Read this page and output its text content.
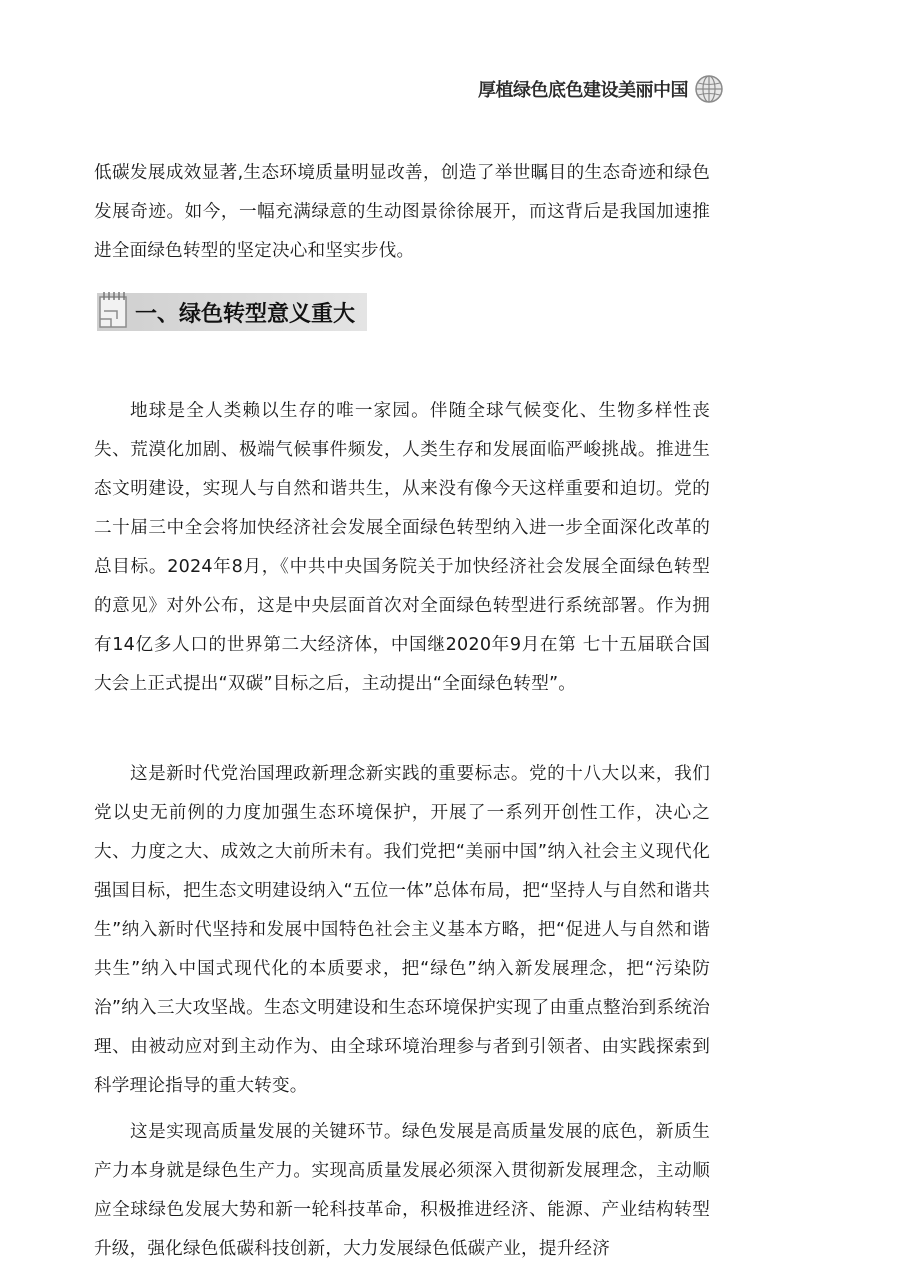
厚植绿色底色建设美丽中国

低碳发展成效显著,生态环境质量明显改善，创造了举世瞩目的生态奇迹和绿色发展奇迹。如今，一幅充满绿意的生动图景徐徐展开，而这背后是我国加速推进全面绿色转型的坚定决心和坚实步伐。

一、绿色转型意义重大

地球是全人类赖以生存的唯一家园。伴随全球气候变化、生物多样性丧失、荒漠化加剧、极端气候事件频发，人类生存和发展面临严峻挑战。推进生态文明建设，实现人与自然和谐共生，从来没有像今天这样重要和迫切。党的二十届三中全会将加快经济社会发展全面绿色转型纳入进一步全面深化改革的总目标。2024年8月，《中共中央国务院关于加快经济社会发展全面绿色转型的意见》对外公布，这是中央层面首次对全面绿色转型进行系统部署。作为拥有14亿多人口的世界第二大经济体，中国继2020年9月在第 七十五届联合国大会上正式提出“双碳”目标之后，主动提出“全面绿色转型”。

这是新时代党治国理政新理念新实践的重要标志。党的十八大以来，我们党以史无前例的力度加强生态环境保护，开展了一系列开创性工作，决心之大、力度之大、成效之大前所未有。我们党把“美丽中国”纳入社会主义现代化强国目标，把生态文明建设纳入“五位一体”总体布局，把“坚持人与自然和谐共生”纳入新时代坚持和发展中国特色社会主义基本方略，把“促进人与自然和谐共生”纳入中国式现代化的本质要求，把“绿色”纳入新发展理念，把“污染防治”纳入三大攻坚战。生态文明建设和生态环境保护实现了由重点整治到系统治理、由被动应对到主动作为、由全球环境治理参与者到引领者、由实践探索到科学理论指导的重大转变。

这是实现高质量发展的关键环节。绿色发展是高质量发展的底色，新质生产力本身就是绿色生产力。实现高质量发展必须深入贯彻新发展理念，主动顺应全球绿色发展大势和新一轮科技革命，积极推进经济、能源、产业结构转型升级，强化绿色低碳科技创新，大力发展绿色低碳产业，提升经济
